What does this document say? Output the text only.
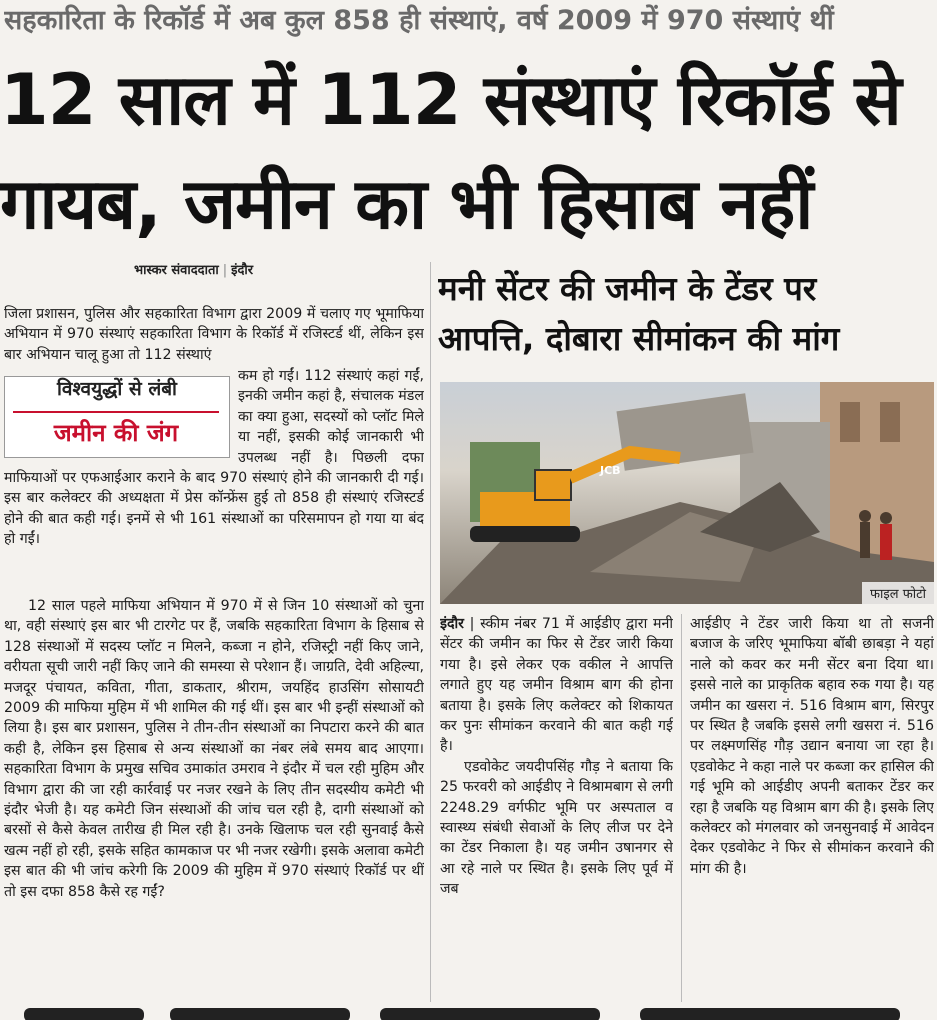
सहकारिता के रिकॉर्ड में अब कुल 858 ही संस्थाएं, वर्ष 2009 में 970 संस्थाएं थीं
12 साल में 112 संस्थाएं रिकॉर्ड से
गायब, जमीन का भी हिसाब नहीं
भास्कर संवाददाता | इंदौर

जिला प्रशासन, पुलिस और सहकारिता विभाग द्वारा 2009 में चलाए गए भूमाफिया अभियान में 970 संस्थाएं सहकारिता विभाग के रिकॉर्ड में रजिस्टर्ड थीं, लेकिन इस बार अभियान चालू हुआ तो 112 संस्थाएं

विश्वयुद्धों से लंबी
जमीन की जंग

कम हो गईं। 112 संस्थाएं कहां गईं, इनकी जमीन कहां है, संचालक मंडल का क्या हुआ, सदस्यों को प्लॉट मिले या नहीं, इसकी कोई जानकारी भी उपलब्ध नहीं है। पिछली दफा माफियाओं पर एफआईआर कराने के बाद 970 संस्थाएं होने की जानकारी दी गई। इस बार कलेक्टर की अध्यक्षता में प्रेस कॉन्फ्रेंस हुई तो 858 ही संस्थाएं रजिस्टर्ड होने की बात कही गई। इनमें से भी 161 संस्थाओं का परिसमापन हो गया या बंद हो गईं।

12 साल पहले माफिया अभियान में 970 में से जिन 10 संस्थाओं को चुना था, वही संस्थाएं इस बार भी टारगेट पर हैं, जबकि सहकारिता विभाग के हिसाब से 128 संस्थाओं में सदस्य प्लॉट न मिलने, कब्जा न होने, रजिस्ट्री नहीं किए जाने, वरीयता सूची जारी नहीं किए जाने की समस्या से परेशान हैं। जाग्रति, देवी अहिल्या, मजदूर पंचायत, कविता, गीता, डाकतार, श्रीराम, जयहिंद हाउसिंग सोसायटी 2009 की माफिया मुहिम में भी शामिल की गई थीं। इस बार भी इन्हीं संस्थाओं को लिया है। इस बार प्रशासन, पुलिस ने तीन-तीन संस्थाओं का निपटारा करने की बात कही है, लेकिन इस हिसाब से अन्य संस्थाओं का नंबर लंबे समय बाद आएगा। सहकारिता विभाग के प्रमुख सचिव उमाकांत उमराव ने इंदौर में चल रही मुहिम और विभाग द्वारा की जा रही कार्रवाई पर नजर रखने के लिए तीन सदस्यीय कमेटी भी इंदौर भेजी है। यह कमेटी जिन संस्थाओं की जांच चल रही है, दागी संस्थाओं को बरसों से कैसे केवल तारीख ही मिल रही है। उनके खिलाफ चल रही सुनवाई कैसे खत्म नहीं हो रही, इसके सहित कामकाज पर भी नजर रखेगी। इसके अलावा कमेटी इस बात की भी जांच करेगी कि 2009 की मुहिम में 970 संस्थाएं रिकॉर्ड पर थीं तो इस दफा 858 कैसे रह गईं?

मनी सेंटर की जमीन के टेंडर पर
आपत्ति, दोबारा सीमांकन की मांग
JCB
फाइल फोटो

इंदौर | स्कीम नंबर 71 में आईडीए द्वारा मनी सेंटर की जमीन का फिर से टेंडर जारी किया गया है। इसे लेकर एक वकील ने आपत्ति लगाते हुए यह जमीन विश्राम बाग की होना बताया है। इसके लिए कलेक्टर को शिकायत कर पुनः सीमांकन करवाने की बात कही गई है।

एडवोकेट जयदीपसिंह गौड़ ने बताया कि 25 फरवरी को आईडीए ने विश्रामबाग से लगी 2248.29 वर्गफीट भूमि पर अस्पताल व स्वास्थ्य संबंधी सेवाओं के लिए लीज पर देने का टेंडर निकाला है। यह जमीन उषानगर से आ रहे नाले पर स्थित है। इसके लिए पूर्व में जब

आईडीए ने टेंडर जारी किया था तो सजनी बजाज के जरिए भूमाफिया बॉबी छाबड़ा ने यहां नाले को कवर कर मनी सेंटर बना दिया था। इससे नाले का प्राकृतिक बहाव रुक गया है। यह जमीन का खसरा नं. 516 विश्राम बाग, सिरपुर पर स्थित है जबकि इससे लगी खसरा नं. 516 पर लक्ष्मणसिंह गौड़ उद्यान बनाया जा रहा है। एडवोकेट ने कहा नाले पर कब्जा कर हासिल की गई भूमि को आईडीए अपनी बताकर टेंडर कर रहा है जबकि यह विश्राम बाग की है। इसके लिए कलेक्टर को मंगलवार को जनसुनवाई में आवेदन देकर एडवोकेट ने फिर से सीमांकन करवाने की मांग की है।
